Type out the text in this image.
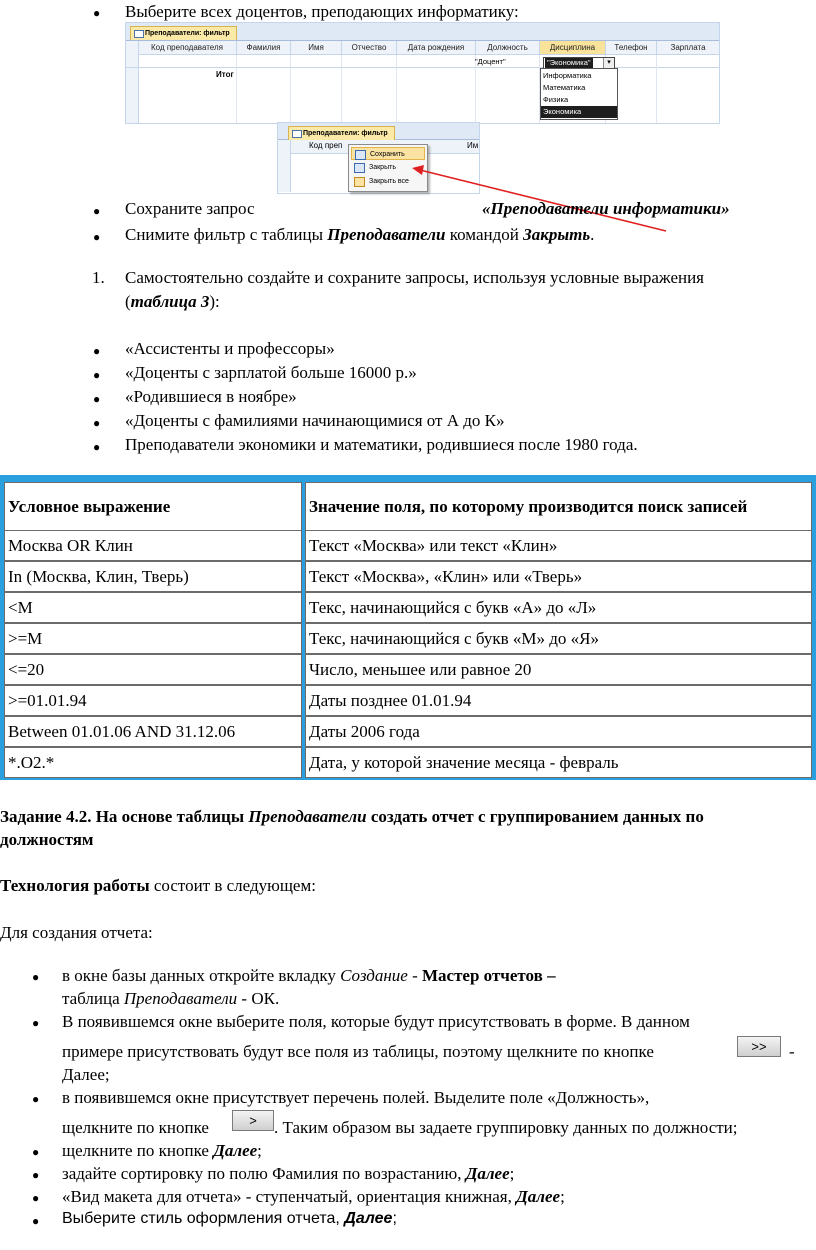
● Выберите всех доцентов, преподающих информатику:
Преподаватели: фильтр
Код преподавателя	Фамилия	Имя	Отчество	Дата рождения	Должность	Дисциплина	Телефон	Зарплата
"Доцент"	"Экономика"	▾
Итог	Информатика
Математика
Физика
Экономика
Преподаватели: фильтр
Код преп	Им
Сохранить
Закрыть
Закрыть все
● Сохраните запрос	«Преподаватели информатики»
● Снимите фильтр с таблицы Преподаватели командой Закрыть.
1. Самостоятельно создайте и сохраните запросы, используя условные выражения
(таблица 3):
● «Ассистенты и профессоры»
● «Доценты с зарплатой больше 16000 р.»
● «Родившиеся в ноябре»
● «Доценты с фамилиями начинающимися от А до К»
● Преподаватели экономики и математики, родившиеся после 1980 года.
Условное выражение	Значение поля, по которому производится поиск записей
Москва OR Клин	Текст «Москва» или текст «Клин»
In (Москва, Клин, Тверь)	Текст «Москва», «Клин» или «Тверь»
<M	Текс, начинающийся с букв «А» до «Л»
>=M	Текс, начинающийся с букв «М» до «Я»
<=20	Число, меньшее или равное 20
>=01.01.94	Даты позднее 01.01.94
Between 01.01.06 AND 31.12.06	Даты 2006 года
*.О2.*	Дата, у которой значение месяца - февраль
Задание 4.2. На основе таблицы Преподаватели создать отчет с группированием данных по
должностям
Технология работы состоит в следующем:
Для создания отчета:
● в окне базы данных откройте вкладку Создание - Мастер отчетов –
таблица Преподаватели - ОК.
● В появившемся окне выберите поля, которые будут присутствовать в форме. В данном
примере присутствовать будут все поля из таблицы, поэтому щелкните по кнопке	>>	-
Далее;
● в появившемся окне присутствует перечень полей. Выделите поле «Должность»,
щелкните по кнопке	>	. Таким образом вы задаете группировку данных по должности;
● щелкните по кнопке Далее;
● задайте сортировку по полю Фамилия по возрастанию, Далее;
● «Вид макета для отчета» - ступенчатый, ориентация книжная, Далее;
● Выберите стиль оформления отчета, Далее;
